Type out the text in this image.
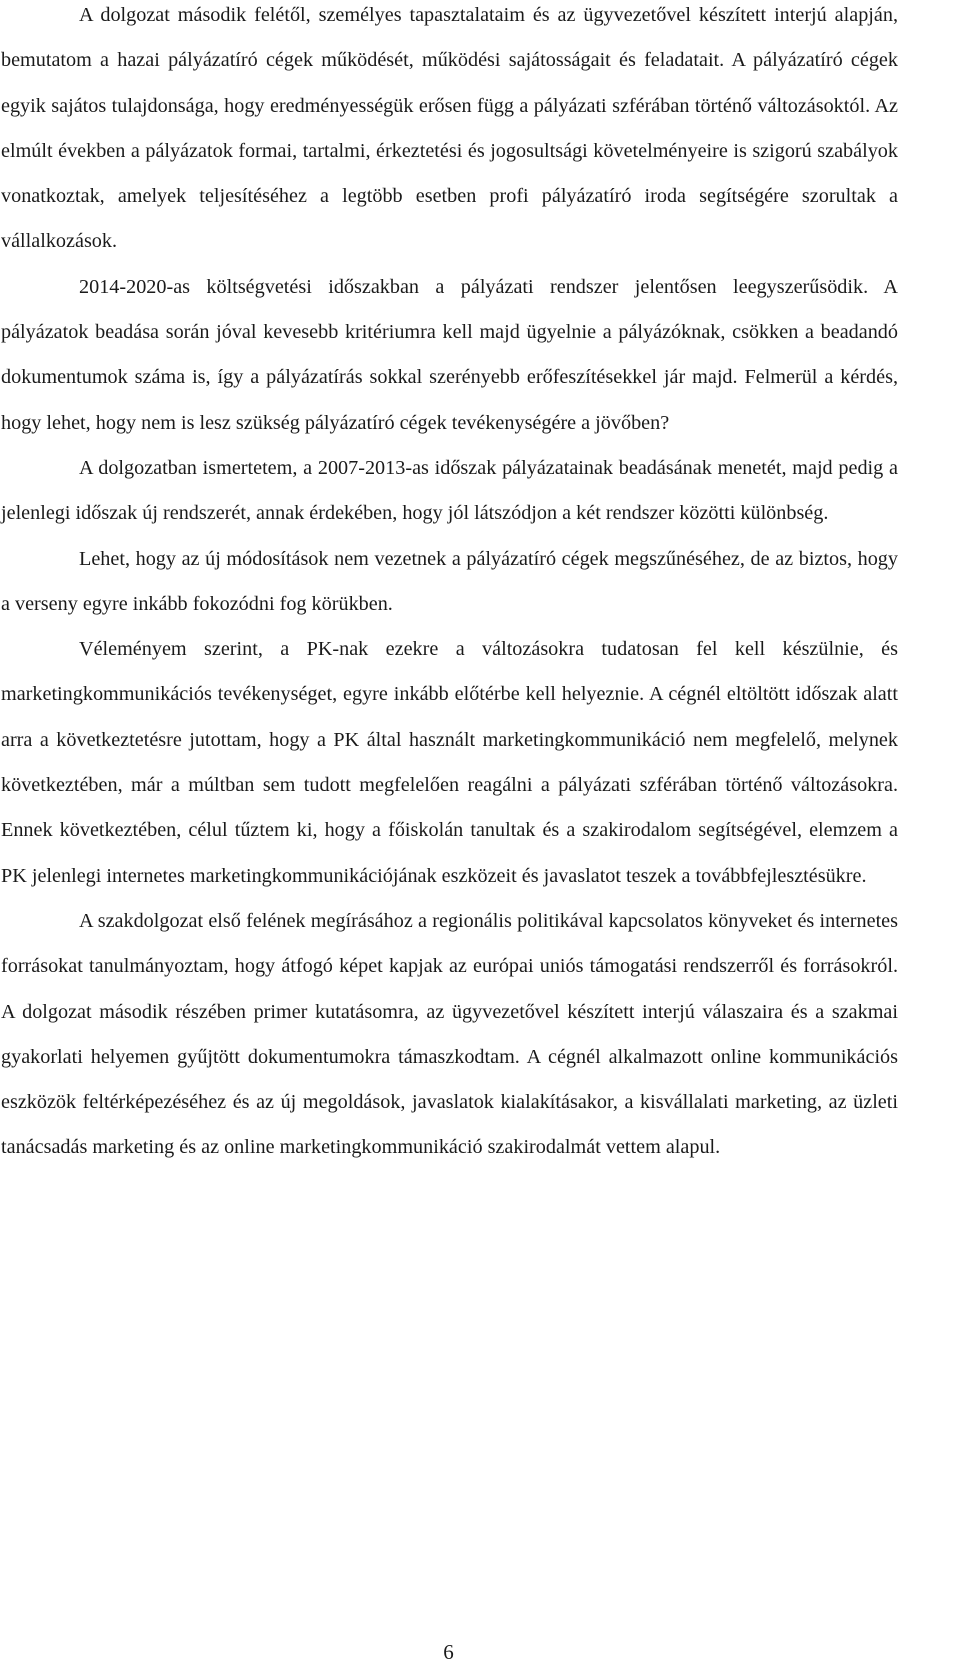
A dolgozat második felétől, személyes tapasztalataim és az ügyvezetővel készített interjú alapján, bemutatom a hazai pályázatíró cégek működését, működési sajátosságait és feladatait. A pályázatíró cégek egyik sajátos tulajdonsága, hogy eredményességük erősen függ a pályázati szférában történő változásoktól. Az elmúlt években a pályázatok formai, tartalmi, érkeztetési és jogosultsági követelményeire is szigorú szabályok vonatkoztak, amelyek teljesítéséhez a legtöbb esetben profi pályázatíró iroda segítségére szorultak a vállalkozások.

2014-2020-as költségvetési időszakban a pályázati rendszer jelentősen leegyszerűsödik. A pályázatok beadása során jóval kevesebb kritériumra kell majd ügyelnie a pályázóknak, csökken a beadandó dokumentumok száma is, így a pályázatírás sokkal szerényebb erőfeszítésekkel jár majd. Felmerül a kérdés, hogy lehet, hogy nem is lesz szükség pályázatíró cégek tevékenységére a jövőben?

A dolgozatban ismertetem, a 2007-2013-as időszak pályázatainak beadásának menetét, majd pedig a jelenlegi időszak új rendszerét, annak érdekében, hogy jól látszódjon a két rendszer közötti különbség.

Lehet, hogy az új módosítások nem vezetnek a pályázatíró cégek megszűnéséhez, de az biztos, hogy a verseny egyre inkább fokozódni fog körükben.

Véleményem szerint, a PK-nak ezekre a változásokra tudatosan fel kell készülnie, és marketingkommunikációs tevékenységet, egyre inkább előtérbe kell helyeznie. A cégnél eltöltött időszak alatt arra a következtetésre jutottam, hogy a PK által használt marketingkommunikáció nem megfelelő, melynek következtében, már a múltban sem tudott megfelelően reagálni a pályázati szférában történő változásokra. Ennek következtében, célul tűztem ki, hogy a főiskolán tanultak és a szakirodalom segítségével, elemzem a PK jelenlegi internetes marketingkommunikációjának eszközeit és javaslatot teszek a továbbfejlesztésükre.

A szakdolgozat első felének megírásához a regionális politikával kapcsolatos könyveket és internetes forrásokat tanulmányoztam, hogy átfogó képet kapjak az európai uniós támogatási rendszerről és forrásokról. A dolgozat második részében primer kutatásomra, az ügyvezetővel készített interjú válaszaira és a szakmai gyakorlati helyemen gyűjtött dokumentumokra támaszkodtam. A cégnél alkalmazott online kommunikációs eszközök feltérképezéséhez és az új megoldások, javaslatok kialakításakor, a kisvállalati marketing, az üzleti tanácsadás marketing és az online marketingkommunikáció szakirodalmát vettem alapul.

6
